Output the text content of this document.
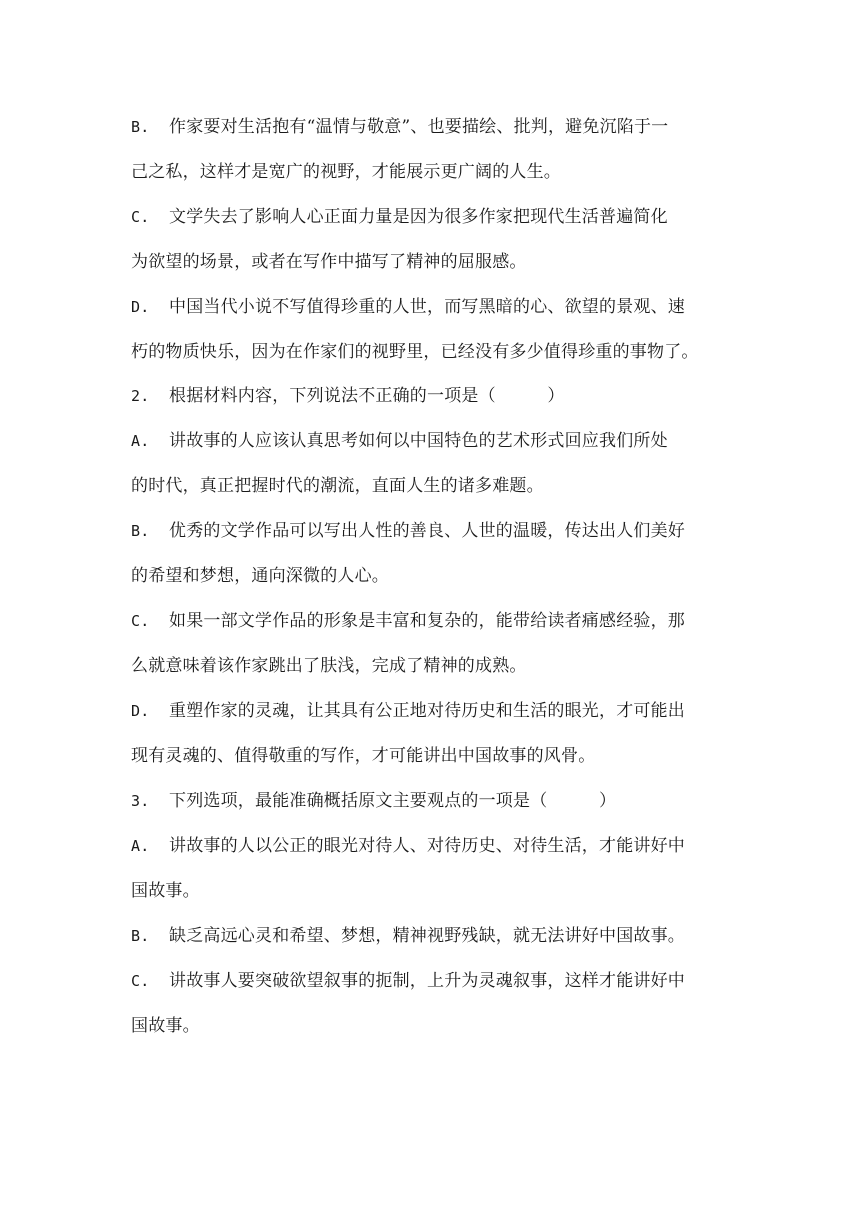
B. 作家要对生活抱有“温情与敬意”、也要描绘、批判，避免沉陷于一
己之私，这样才是宽广的视野，才能展示更广阔的人生。
C. 文学失去了影响人心正面力量是因为很多作家把现代生活普遍简化
为欲望的场景，或者在写作中描写了精神的屈服感。
D. 中国当代小说不写值得珍重的人世，而写黑暗的心、欲望的景观、速
朽的物质快乐，因为在作家们的视野里，已经没有多少值得珍重的事物了。
2. 根据材料内容，下列说法不正确的一项是（　　　）
A. 讲故事的人应该认真思考如何以中国特色的艺术形式回应我们所处
的时代，真正把握时代的潮流，直面人生的诸多难题。
B. 优秀的文学作品可以写出人性的善良、人世的温暖，传达出人们美好
的希望和梦想，通向深微的人心。
C. 如果一部文学作品的形象是丰富和复杂的，能带给读者痛感经验，那
么就意味着该作家跳出了肤浅，完成了精神的成熟。
D. 重塑作家的灵魂，让其具有公正地对待历史和生活的眼光，才可能出
现有灵魂的、值得敬重的写作，才可能讲出中国故事的风骨。
3. 下列选项，最能准确概括原文主要观点的一项是（　　　）
A. 讲故事的人以公正的眼光对待人、对待历史、对待生活，才能讲好中
国故事。
B. 缺乏高远心灵和希望、梦想，精神视野残缺，就无法讲好中国故事。
C. 讲故事人要突破欲望叙事的扼制，上升为灵魂叙事，这样才能讲好中
国故事。
